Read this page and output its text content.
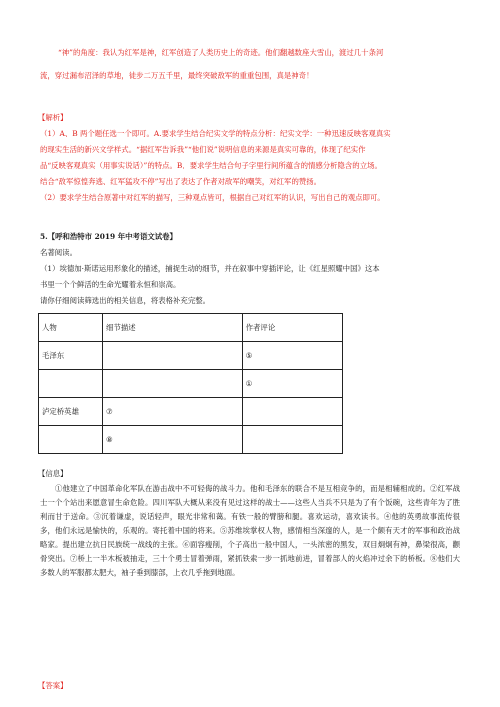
“神”的角度：我认为红军是神，红军创造了人类历史上的奇迹。他们翻越数座大雪山，渡过几十条河
流，穿过漏布沼泽的草地，徒步二万五千里，最终突破敌军的重重包围，真是神奇！
【解析】
（1）A、B 两个题任选一个即可。A.要求学生结合纪实文学的特点分析：纪实文学：一种迅速反映客观真实
的现实生活的新兴文学样式。“据红军告诉我”“他们说”说明信息的来源是真实可靠的，体现了纪实作
品“反映客观真实（用事实说话）”的特点。B．要求学生结合句子字里行间所蕴含的情感分析隐含的立场。
结合“敌军惊惶奔逃、红军猛攻不停”写出了表达了作者对敌军的嘲笑，对红军的赞扬。
（2）要求学生结合原著中对红军的描写，三种观点皆可，根据自己对红军的认识，写出自己的观点即可。
5.【呼和浩特市 2019 年中考语文试卷】
名著阅读。
（1）埃德加·斯诺运用形象化的描述，捕捉生动的细节，并在叙事中穿插评论，让《红星照耀中国》这本
书里一个个鲜活的生命光耀着永恒和崇高。
请你仔细阅读筛选出的相关信息，将表格补充完整。
人物	细节描述	作者评论
毛泽东		⑤
		①
泸定桥英雄	⑦	
	⑧	
【信息】
①他建立了中国革命化军队在游击战中不可轻侮的战斗力。他和毛泽东的联合不是互相竞争的，而是相辅相成的。②红军战士一个个站出来愿意冒生命危险。四川军队大概从来没有见过这样的战士——这些人当兵不只是为了有个饭碗，这些青年为了胜利而甘于送命。③沉着谦虚，说话轻声，眼光非常和蔼。有铁一般的臂膀和腿。喜欢运动，喜欢读书。④他的英勇故事流传很多，他们永远是愉快的，乐观的。寄托着中国的将来。⑤苏维埃掌权人物，感情相当深邃的人，是一个颇有天才的军事和政治战略家。提出建立抗日民族统一战线的主张。⑥面容瘦削，个子高出一般中国人，一头浓密的黑发，双目炯炯有神，鼻梁很高，颧骨突出。⑦桥上一半木板被抽走，三十个勇士冒着弹雨，紧抓铁索一步一抓地前进，冒着部人的火焰冲过余下的桥板。⑧他们大多数人的军服都太肥大，袖子垂到膝部，上衣几乎拖到地面。
【答案】
